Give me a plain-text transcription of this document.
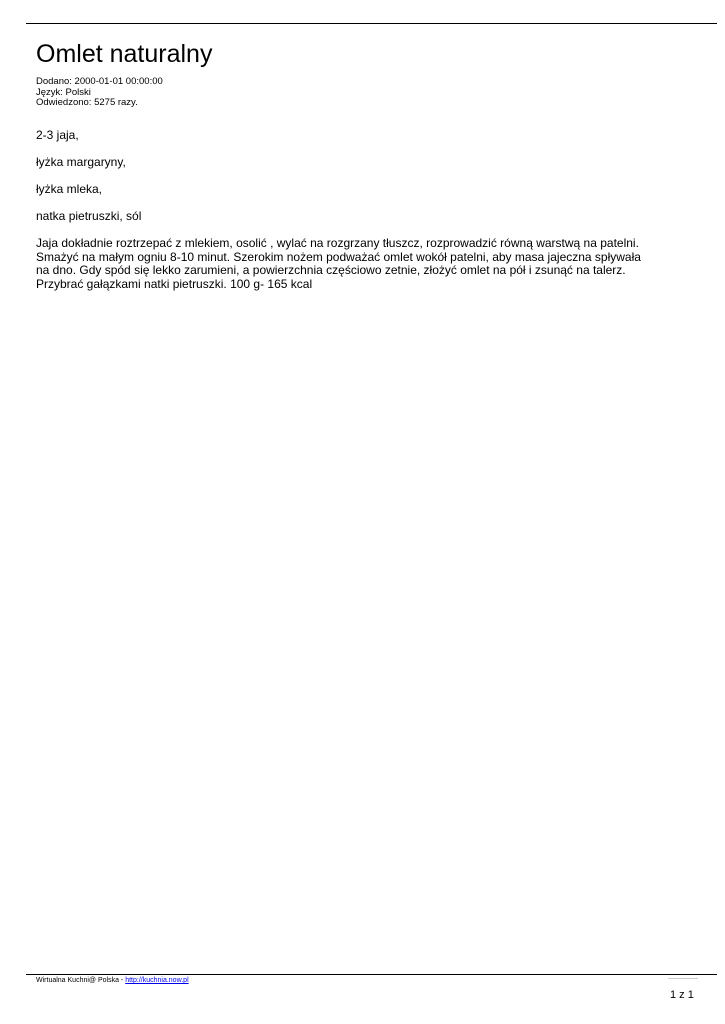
Omlet naturalny
Dodano: 2000-01-01 00:00:00
Język: Polski
Odwiedzono: 5275 razy.

2-3 jaja,

łyżka margaryny,

łyżka mleka,

natka pietruszki, sól

Jaja dokładnie roztrzepać z mlekiem, osolić , wylać na rozgrzany tłuszcz, rozprowadzić równą warstwą na patelni. Smażyć na małym ogniu 8-10 minut. Szerokim nożem podważać omlet wokół patelni, aby masa jajeczna spływała na dno. Gdy spód się lekko zarumieni, a powierzchnia częściowo zetnie, złożyć omlet na pół i zsunąć na talerz. Przybrać gałązkami natki pietruszki. 100 g- 165 kcal

Wirtualna Kuchni@ Polska - http://kuchnia.now.pl
1 z 1
